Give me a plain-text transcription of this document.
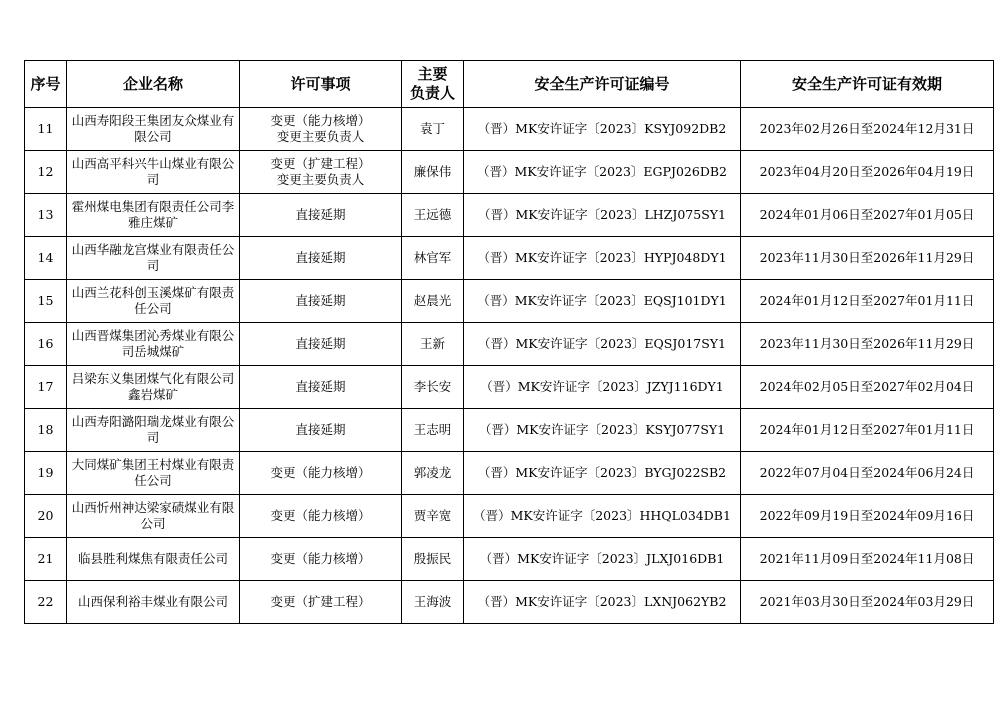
序号	企业名称	许可事项	主要
负责人	安全生产许可证编号	安全生产许可证有效期
11	山西寿阳段王集团友众煤业有限公司	变更（能力核增）
变更主要负责人	袁丁	（晋）MK安许证字〔2023〕KSYJ092DB2	2023年02月26日至2024年12月31日
12	山西高平科兴牛山煤业有限公司	变更（扩建工程）
变更主要负责人	廉保伟	（晋）MK安许证字〔2023〕EGPJ026DB2	2023年04月20日至2026年04月19日
13	霍州煤电集团有限责任公司李雅庄煤矿	直接延期	王远德	（晋）MK安许证字〔2023〕LHZJ075SY1	2024年01月06日至2027年01月05日
14	山西华融龙宫煤业有限责任公司	直接延期	林官军	（晋）MK安许证字〔2023〕HYPJ048DY1	2023年11月30日至2026年11月29日
15	山西兰花科创玉溪煤矿有限责任公司	直接延期	赵晨光	（晋）MK安许证字〔2023〕EQSJ101DY1	2024年01月12日至2027年01月11日
16	山西晋煤集团沁秀煤业有限公司岳城煤矿	直接延期	王新	（晋）MK安许证字〔2023〕EQSJ017SY1	2023年11月30日至2026年11月29日
17	吕梁东义集团煤气化有限公司鑫岩煤矿	直接延期	李长安	（晋）MK安许证字〔2023〕JZYJ116DY1	2024年02月05日至2027年02月04日
18	山西寿阳潞阳瑞龙煤业有限公司	直接延期	王志明	（晋）MK安许证字〔2023〕KSYJ077SY1	2024年01月12日至2027年01月11日
19	大同煤矿集团王村煤业有限责任公司	变更（能力核增）	郭凌龙	（晋）MK安许证字〔2023〕BYGJ022SB2	2022年07月04日至2024年06月24日
20	山西忻州神达梁家碛煤业有限公司	变更（能力核增）	贾辛宽	（晋）MK安许证字〔2023〕HHQL034DB1	2022年09月19日至2024年09月16日
21	临县胜利煤焦有限责任公司	变更（能力核增）	殷振民	（晋）MK安许证字〔2023〕JLXJ016DB1	2021年11月09日至2024年11月08日
22	山西保利裕丰煤业有限公司	变更（扩建工程）	王海波	（晋）MK安许证字〔2023〕LXNJ062YB2	2021年03月30日至2024年03月29日
